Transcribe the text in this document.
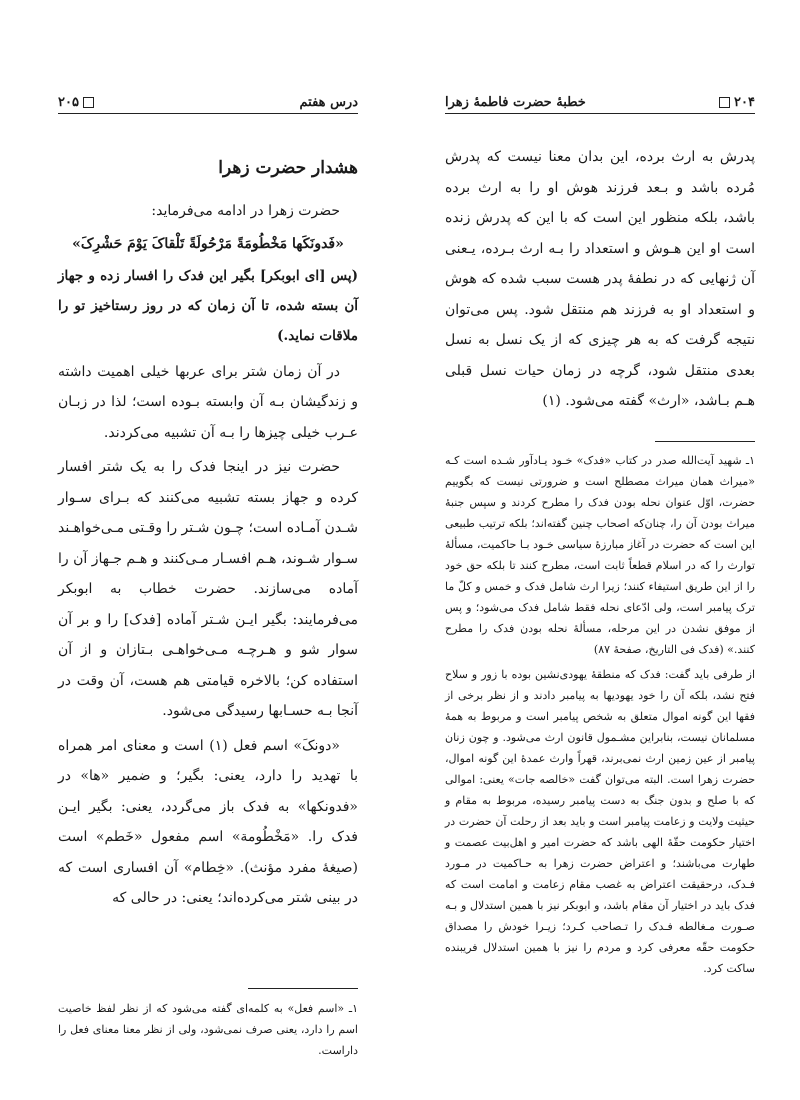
درس هفتم
۲۰۵
هشدار حضرت زهرا

حضرت زهرا در ادامه می‌فرماید:

«فَدونَکَها مَخْطُومَةً مَرْحُولَةً تَلْقاکَ یَوْمَ حَشْرِکَ»

(پس [ای ابوبکر] بگیر این فدک را افسار زده و جهاز آن بسته شده، تا آن زمان که در روز رستاخیز تو را ملاقات نماید.)

در آن زمان شتر برای عربها خیلی اهمیت داشته و زندگیشان بـه آن وابسته بـوده است؛ لذا در زبـان عـرب خیلی چیزها را بـه آن تشبیه می‌کردند.

حضرت نیز در اینجا فدک را به یک شتر افسار کرده و جهاز بسته تشبیه می‌کنند که بـرای سـوار شـدن آمـاده است؛ چـون شـتر را وقـتی مـی‌خواهـند سـوار شـوند، هـم افسـار مـی‌کنند و هـم جـهاز آن را آماده می‌سازند. حضرت خطاب به ابوبکر می‌فرمایند: بگیر ایـن شـتر آماده [فدک] را و بر آن سوار شو و هـرچـه مـی‌خواهـی بـتازان و از آن استفاده کن؛ بالاخره قیامتی هم هست، آن وقت در آنجا بـه حسـابها رسیدگی می‌شود.

«دونکَ» اسم فعل (۱) است و معنای امر همراه با تهدید را دارد، یعنی: بگیر؛ و ضمیر «ها» در «فدونکها» به فدک باز می‌گردد، یعنی: بگیر ایـن فدک را. «مَخْطُومة» اسم مفعول «خَطم» است (صیغهٔ مفرد مؤنث). «خِطام» آن افساری است که در بینی شتر می‌کرده‌اند؛ یعنی: در حالی که

۱ـ «اسم فعل» به کلمه‌ای گفته می‌شود که از نظر لفظ خاصیت اسم را دارد، یعنی صرف نمی‌شود، ولی از نظر معنا معنای فعل را داراست.

۲۰۴
خطبهٔ حضرت فاطمهٔ زهرا

پدرش به ارث برده، این بدان معنا نیست که پدرش مُرده باشد و بـعد فرزند هوش او را به ارث برده باشد، بلکه منظور این است که با این که پدرش زنده است او این هـوش و استعداد را بـه ارث بـرده، یـعنی آن ژنهایی که در نطفهٔ پدر هست سبب شده که هوش و استعداد او به فرزند هم منتقل شود. پس می‌توان نتیجه گرفت که به هر چیزی که از یک نسل به نسل بعدی منتقل شود، گرچه در زمان حیات نسل قبلی هـم بـاشد، «ارث» گفته می‌شود. (۱)

۱ـ شهید آیت‌الله صدر در کتاب «فدک» خـود یـادآور شـده است کـه «میراث همان میراث مصطلح است و ضرورتی نیست که بگوییم حضرت، اوّل عنوان نحله بودن فدک را مطرح کردند و سپس جنبهٔ میراث بودن آن را، چنان‌که اصحاب چنین گفته‌اند؛ بلکه ترتیب طبیعی این است که حضرت در آغاز مبارزهٔ سیاسی خـود بـا حاکمیت، مسألهٔ توارث را که در اسلام قطعاً ثابت است، مطرح کنند تا بلکه حق خود را از این طریق استیفاء کنند؛ زیرا ارث شامل فدک و خمس و کلّ ما ترک پیامبر است، ولی ادّعای نحله فقط شامل فدک می‌شود؛ و پس از موفق نشدن در این مرحله، مسألهٔ نحله بودن فدک را مطرح کنند.» (فدک فی التاریخ، صفحهٔ ۸۷)

از طرفی باید گفت: فدک که منطقهٔ یهودی‌نشین بوده با زور و سلاح فتح نشد، بلکه آن را خود یهودیها به پیامبر دادند و از نظر برخی از فقها این گونه اموال متعلق به شخص پیامبر است و مربوط به همهٔ مسلمانان نیست، بنابراین مشـمول قانون ارث می‌شود. و چون زنان پیامبر از عین زمین ارث نمی‌برند، قهراً وارث عمدهٔ این گونه اموال، حضرت زهرا است. البته می‌توان گفت «خالصه جات» یعنی: اموالی که با صلح و بدون جنگ به دست پیامبر رسیده، مربوط به مقام و حیثیت ولایت و زعامت پیامبر است و باید بعد از رحلت آن حضرت در اختیار حکومت حقّهٔ الهی باشد که حضرت امیر و اهل‌بیت عصمت و طهارت می‌باشند؛ و اعتراض حضرت زهرا به حـاکمیت در مـورد فـدک، درحقیقت اعتراض به غصب مقام زعامت و امامت است که فدک باید در اختیار آن مقام باشد، و ابوبکر نیز با همین استدلال و بـه صـورت مـغالطه فـدک را تـصاحب کـرد؛ زیـرا خودش را مصداق حکومت حقّه معرفی کرد و مردم را نیز با همین استدلال فریبنده ساکت کرد.
